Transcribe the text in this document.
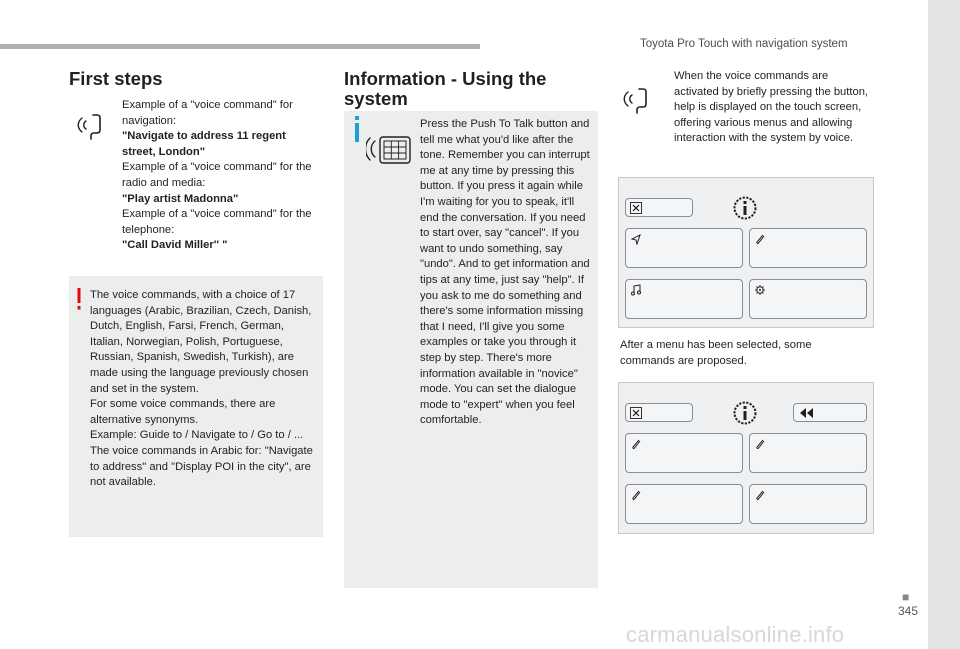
Toyota Pro Touch with navigation system
First steps
Example of a "voice command" for navigation:
"Navigate to address 11 regent street, London"
Example of a "voice command" for the radio and media:
"Play artist Madonna"
Example of a "voice command" for the telephone:
"Call David Miller'' "
The voice commands, with a choice of 17 languages (Arabic, Brazilian, Czech, Danish, Dutch, English, Farsi, French, German, Italian, Norwegian, Polish, Portuguese, Russian, Spanish, Swedish, Turkish), are made using the language previously chosen and set in the system.
For some voice commands, there are alternative synonyms.
Example: Guide to / Navigate to / Go to / ...
The voice commands in Arabic for: "Navigate to address" and "Display POI in the city", are not available.
Information - Using the system
Press the Push To Talk button and tell me what you'd like after the tone. Remember you can interrupt me at any time by pressing this button. If you press it again while I'm waiting for you to speak, it'll end the conversation. If you need to start over, say "cancel". If you want to undo something, say "undo". And to get information and tips at any time, just say "help". If you ask to me do something and there's some information missing that I need, I'll give you some examples or take you through it step by step. There's more information available in "novice" mode. You can set the dialogue mode to "expert" when you feel comfortable.
When the voice commands are activated by briefly pressing the button, help is displayed on the touch screen, offering various menus and allowing interaction with the system by voice.
After a menu has been selected, some commands are proposed.
■
345
carmanualsonline.info
